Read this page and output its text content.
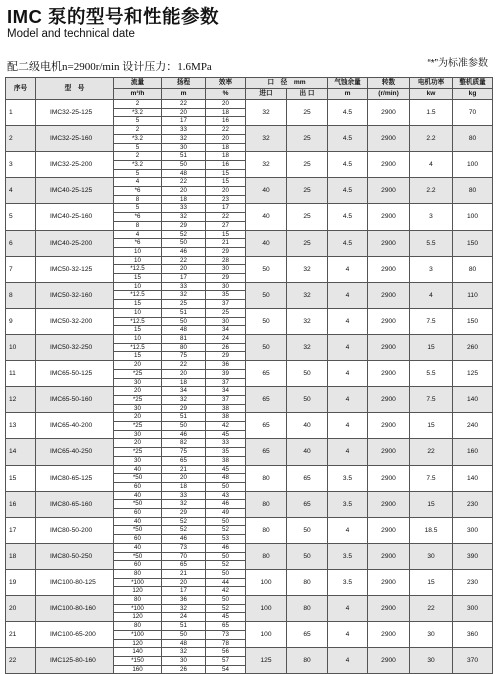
IMC 泵的型号和性能参数
Model and technical date
配二级电机n=2900r/min 设计压力：1.6MPa	“*”为标准参数
序号	型　号	流量	扬程	效率	口　径　mm		气蚀余量	转数	电机功率	整机质量
		m³/h	m	%	进口	出 口	m	(r/min)	kw	kg
1	IMC32-25-125	2	22	20	32	25	4.5	2900	1.5	70
		*3.2	20	18						
		5	17	16						
2	IMC32-25-160	2	33	22	32	25	4.5	2900	2.2	80
		*3.2	32	20						
		5	30	18						
3	IMC32-25-200	2	51	18	32	25	4.5	2900	4	100
		*3.2	50	16						
		5	48	15						
4	IMC40-25-125	4	22	15	40	25	4.5	2900	2.2	80
		*6	20	20						
		8	18	23						
5	IMC40-25-160	5	33	17	40	25	4.5	2900	3	100
		*6	32	22						
		8	29	27						
6	IMC40-25-200	4	52	15	40	25	4.5	2900	5.5	150
		*6	50	21						
		10	46	29						
7	IMC50-32-125	10	22	28	50	32	4	2900	3	80
		*12.5	20	30						
		15	17	29						
8	IMC50-32-160	10	33	30	50	32	4	2900	4	110
		*12.5	32	35						
		15	25	37						
9	IMC50-32-200	10	51	25	50	32	4	2900	7.5	150
		*12.5	50	30						
		15	48	34						
10	IMC50-32-250	10	81	24	50	32	4	2900	15	260
		*12.5	80	26						
		15	75	29						
11	IMC65-50-125	20	22	36	65	50	4	2900	5.5	125
		*25	20	39						
		30	18	37						
12	IMC65-50-160	20	34	34	65	50	4	2900	7.5	140
		*25	32	37						
		30	29	38						
13	IMC65-40-200	20	51	38	65	40	4	2900	15	240
		*25	50	42						
		30	46	45						
14	IMC65-40-250	20	82	33	65	40	4	2900	22	160
		*25	75	35						
		30	65	38						
15	IMC80-65-125	40	21	45	80	65	3.5	2900	7.5	140
		*50	20	48						
		60	18	50						
16	IMC80-65-160	40	33	43	80	65	3.5	2900	15	230
		*50	32	46						
		60	29	49						
17	IMC80-50-200	40	52	50	80	50	4	2900	18.5	300
		*50	52	52						
		60	46	53						
18	IMC80-50-250	40	73	46	80	50	3.5	2900	30	390
		*50	70	50						
		60	65	52						
19	IMC100-80-125	80	21	50	100	80	3.5	2900	15	230
		*100	20	44						
		120	17	42						
20	IMC100-80-160	80	36	50	100	80	4	2900	22	300
		*100	32	52						
		120	24	45						
21	IMC100-65-200	80	51	65	100	65	4	2900	30	360
		*100	50	73						
		120	48	78						
22	IMC125-80-160	140	32	56	125	80	4	2900	30	370
		*150	30	57						
		160	26	54						
